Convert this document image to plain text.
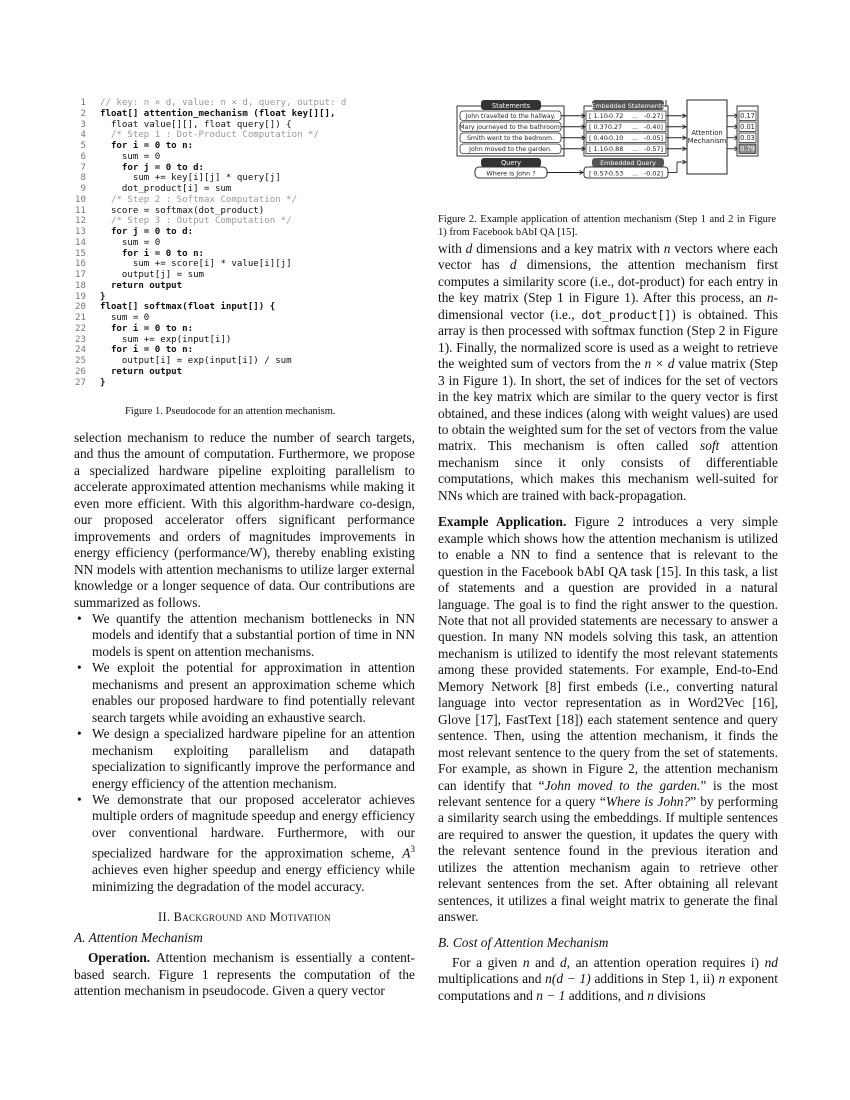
1 // key: n × d, value: n × d, query, output: d
2 float[] attention_mechanism (float key[][],
3 float value[][], float query[]) {
4 /* Step 1 : Dot-Product Computation */
5 for i = 0 to n:
6 sum = 0
7 for j = 0 to d:
8 sum += key[i][j] * query[j]
9 dot_product[i] = sum
10 /* Step 2 : Softmax Computation */
11 score = softmax(dot_product)
12 /* Step 3 : Output Computation */
13 for j = 0 to d:
14 sum = 0
15 for i = 0 to n:
16 sum += score[i] * value[i][j]
17 output[j] = sum
18 return output
19 }
20 float[] softmax(float input[]) {
21 sum = 0
22 for i = 0 to n:
23 sum += exp(input[i])
24 for i = 0 to n:
25 output[i] = exp(input[i]) / sum
26 return output
27 }
Figure 1. Pseudocode for an attention mechanism.
Statements
John travelled to the hallway.
Mary journeyed to the bathroom.
Smith went to the bedroom.
John moved to the garden.
Embedded Statements
[ 1.10
-0.72 ... -0.27]
[ 0.37 0.27 ... -0.40]
[ 0.40
-0.10 ... -0.05]
[ 1.10
-0.88 ... -0.57]
Query
Where is John ?
Embedded Query
[ 0.57
-0.53 ... -0.02]
Attention
Mechanism
0.17
0.01
0.03
0.79
Figure 2. Example application of attention mechanism (Step 1 and 2 in Figure 1) from Facebook bAbI QA [15].

selection mechanism to reduce the number of search targets, and thus the amount of computation. Furthermore, we propose a specialized hardware pipeline exploiting parallelism to accelerate approximated attention mechanisms while making it even more efficient. With this algorithm-hardware co-design, our proposed accelerator offers significant performance improvements and orders of magnitudes improvements in energy efficiency (performance/W), thereby enabling existing NN models with attention mechanisms to utilize larger external knowledge or a longer sequence of data. Our contributions are summarized as follows.

• We quantify the attention mechanism bottlenecks in NN models and identify that a substantial portion of time in NN models is spent on attention mechanisms.
• We exploit the potential for approximation in attention mechanisms and present an approximation scheme which enables our proposed hardware to find potentially relevant search targets while avoiding an exhaustive search.
• We design a specialized hardware pipeline for an attention mechanism exploiting parallelism and datapath specialization to significantly improve the performance and energy efficiency of the attention mechanism.
• We demonstrate that our proposed accelerator achieves multiple orders of magnitude speedup and energy efficiency over conventional hardware. Furthermore, with our specialized hardware for the approximation scheme, $A^3$ achieves even higher speedup and energy efficiency while minimizing the degradation of the model accuracy.
II. Background and Motivation
A. Attention Mechanism

Operation. Attention mechanism is essentially a content-based search. Figure 1 represents the computation of the attention mechanism in pseudocode. Given a query vector

with d dimensions and a key matrix with n vectors where each vector has d dimensions, the attention mechanism first computes a similarity score (i.e., dot-product) for each entry in the key matrix (Step 1 in Figure 1). After this process, an n-dimensional vector (i.e., dot_product[]) is obtained. This array is then processed with softmax function (Step 2 in Figure 1). Finally, the normalized score is used as a weight to retrieve the weighted sum of vectors from the n × d value matrix (Step 3 in Figure 1). In short, the set of indices for the set of vectors in the key matrix which are similar to the query vector is first obtained, and these indices (along with weight values) are used to obtain the weighted sum for the set of vectors from the value matrix. This mechanism is often called soft attention mechanism since it only consists of differentiable computations, which makes this mechanism well-suited for NNs which are trained with back-propagation.

Example Application. Figure 2 introduces a very simple example which shows how the attention mechanism is utilized to enable a NN to find a sentence that is relevant to the question in the Facebook bAbI QA task [15]. In this task, a list of statements and a question are provided in a natural language. The goal is to find the right answer to the question. Note that not all provided statements are necessary to answer a question. In many NN models solving this task, an attention mechanism is utilized to identify the most relevant statements among these provided statements. For example, End-to-End Memory Network [8] first embeds (i.e., converting natural language into vector representation as in Word2Vec [16], Glove [17], FastText [18]) each statement sentence and query sentence. Then, using the attention mechanism, it finds the most relevant sentence to the query from the set of statements. For example, as shown in Figure 2, the attention mechanism can identify that “John moved to the garden.” is the most relevant sentence for a query “Where is John?” by performing a similarity search using the embeddings. If multiple sentences are required to answer the question, it updates the query with the relevant sentence found in the previous iteration and utilizes the attention mechanism again to retrieve other relevant sentences from the set. After obtaining all relevant sentences, it utilizes a final weight matrix to generate the final answer.

B. Cost of Attention Mechanism

For a given n and d, an attention operation requires i) nd multiplications and n(d − 1) additions in Step 1, ii) n exponent computations and n − 1 additions, and n divisions
